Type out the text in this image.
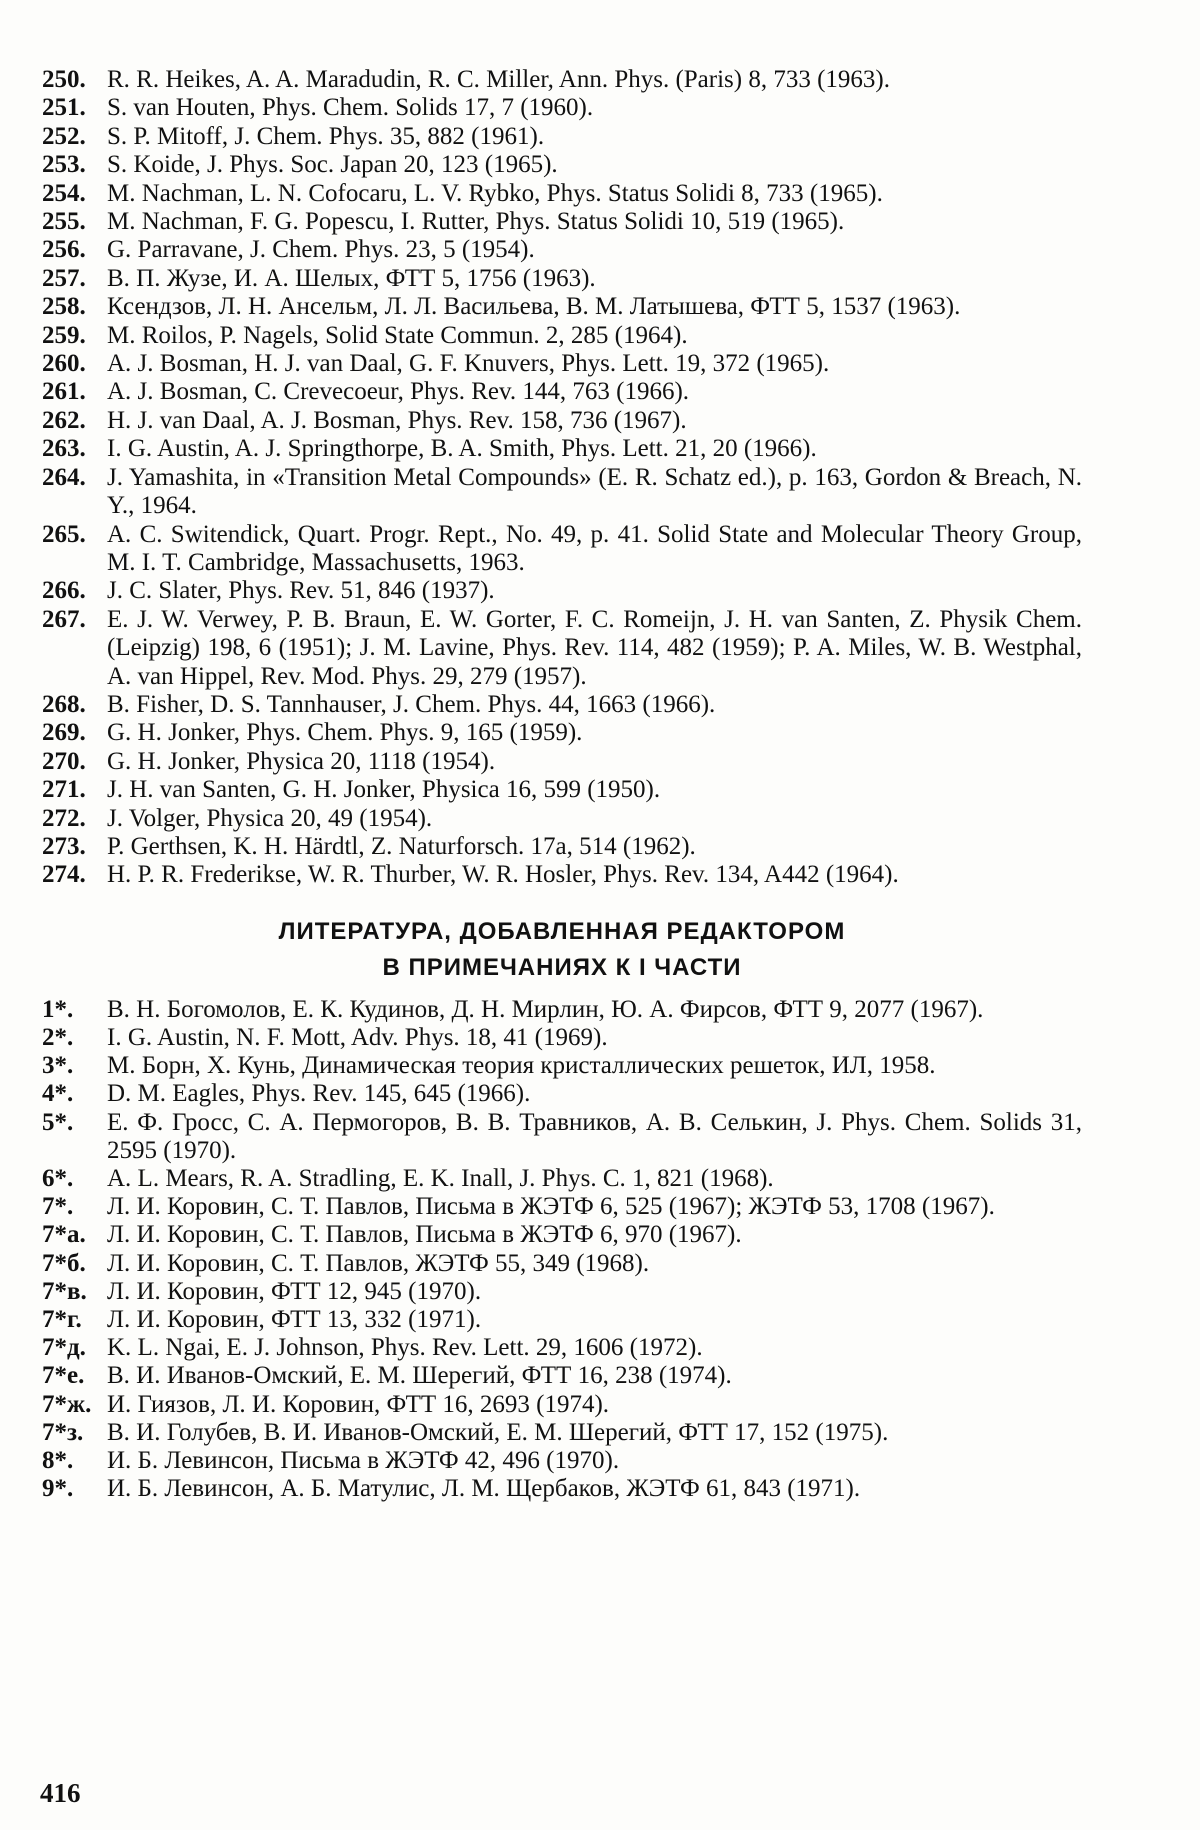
250. R. R. Heikes, A. A. Maradudin, R. C. Miller, Ann. Phys. (Paris) 8, 733 (1963).
251. S. van Houten, Phys. Chem. Solids 17, 7 (1960).
252. S. P. Mitoff, J. Chem. Phys. 35, 882 (1961).
253. S. Koide, J. Phys. Soc. Japan 20, 123 (1965).
254. M. Nachman, L. N. Cofocaru, L. V. Rybko, Phys. Status Solidi 8, 733 (1965).
255. M. Nachman, F. G. Popescu, I. Rutter, Phys. Status Solidi 10, 519 (1965).
256. G. Parravane, J. Chem. Phys. 23, 5 (1954).
257. В. П. Жузе, И. А. Шелых, ФТТ 5, 1756 (1963).
258. Ксендзов, Л. Н. Ансельм, Л. Л. Васильева, В. М. Латышева, ФТТ 5, 1537 (1963).
259. M. Roilos, P. Nagels, Solid State Commun. 2, 285 (1964).
260. A. J. Bosman, H. J. van Daal, G. F. Knuvers, Phys. Lett. 19, 372 (1965).
261. A. J. Bosman, C. Crevecoeur, Phys. Rev. 144, 763 (1966).
262. H. J. van Daal, A. J. Bosman, Phys. Rev. 158, 736 (1967).
263. I. G. Austin, A. J. Springthorpe, B. A. Smith, Phys. Lett. 21, 20 (1966).
264. J. Yamashita, in «Transition Metal Compounds» (E. R. Schatz ed.), p. 163, Gordon & Breach, N. Y., 1964.
265. A. C. Switendick, Quart. Progr. Rept., No. 49, p. 41. Solid State and Molecular Theory Group, M. I. T. Cambridge, Massachusetts, 1963.
266. J. C. Slater, Phys. Rev. 51, 846 (1937).
267. E. J. W. Verwey, P. B. Braun, E. W. Gorter, F. C. Romeijn, J. H. van Santen, Z. Physik Chem. (Leipzig) 198, 6 (1951); J. M. Lavine, Phys. Rev. 114, 482 (1959); P. A. Miles, W. B. Westphal, A. van Hippel, Rev. Mod. Phys. 29, 279 (1957).
268. B. Fisher, D. S. Tannhauser, J. Chem. Phys. 44, 1663 (1966).
269. G. H. Jonker, Phys. Chem. Phys. 9, 165 (1959).
270. G. H. Jonker, Physica 20, 1118 (1954).
271. J. H. van Santen, G. H. Jonker, Physica 16, 599 (1950).
272. J. Volger, Physica 20, 49 (1954).
273. P. Gerthsen, K. H. Härdtl, Z. Naturforsch. 17a, 514 (1962).
274. H. P. R. Frederikse, W. R. Thurber, W. R. Hosler, Phys. Rev. 134, A442 (1964).
ЛИТЕРАТУРА, ДОБАВЛЕННАЯ РЕДАКТОРОМ
В ПРИМЕЧАНИЯХ К I ЧАСТИ
1*.	В. Н. Богомолов, Е. К. Кудинов, Д. Н. Мирлин, Ю. А. Фирсов, ФТТ 9, 2077 (1967).
2*.	I. G. Austin, N. F. Mott, Adv. Phys. 18, 41 (1969).
3*.	М. Борн, Х. Кунь, Динамическая теория кристаллических решеток, ИЛ, 1958.
4*.	D. M. Eagles, Phys. Rev. 145, 645 (1966).
5*.	Е. Ф. Гросс, С. А. Пермогоров, В. В. Травников, А. В. Селькин, J. Phys. Chem. Solids 31, 2595 (1970).
6*.	A. L. Mears, R. A. Stradling, E. K. Inall, J. Phys. C. 1, 821 (1968).
7*.	Л. И. Коровин, С. Т. Павлов, Письма в ЖЭТФ 6, 525 (1967); ЖЭТФ 53, 1708 (1967).
7*а. Л. И. Коровин, С. Т. Павлов, Письма в ЖЭТФ 6, 970 (1967).
7*б. Л. И. Коровин, С. Т. Павлов, ЖЭТФ 55, 349 (1968).
7*в. Л. И. Коровин, ФТТ 12, 945 (1970).
7*г.	Л. И. Коровин, ФТТ 13, 332 (1971).
7*д. K. L. Ngai, E. J. Johnson, Phys. Rev. Lett. 29, 1606 (1972).
7*е. В. И. Иванов-Омский, Е. М. Шерегий, ФТТ 16, 238 (1974).
7*ж. И. Гиязов, Л. И. Коровин, ФТТ 16, 2693 (1974).
7*з. В. И. Голубев, В. И. Иванов-Омский, Е. М. Шерегий, ФТТ 17, 152 (1975).
8*.	И. Б. Левинсон, Письма в ЖЭТФ 42, 496 (1970).
9*.	И. Б. Левинсон, А. Б. Матулис, Л. М. Щербаков, ЖЭТФ 61, 843 (1971).
416
